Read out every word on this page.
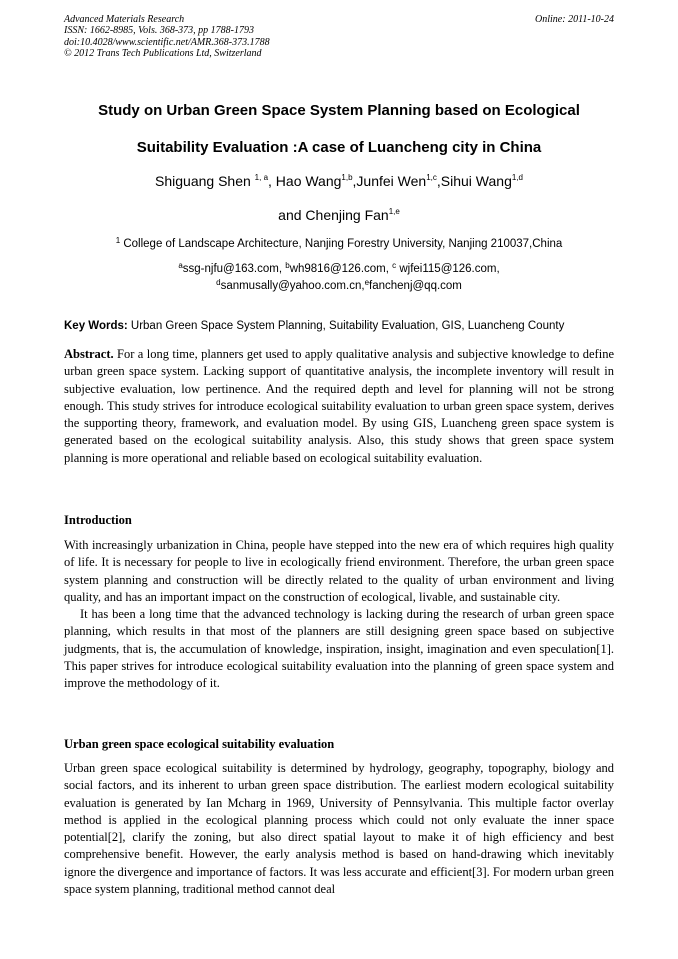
Advanced Materials Research
ISSN: 1662-8985, Vols. 368-373, pp 1788-1793
doi:10.4028/www.scientific.net/AMR.368-373.1788
© 2012 Trans Tech Publications Ltd, Switzerland
Online: 2011-10-24
Study on Urban Green Space System Planning based on Ecological
Suitability Evaluation :A case of Luancheng city in China
Shiguang Shen $^{1, a}$, Hao Wang$^{1,b}$,Junfei Wen$^{1,c}$,Sihui Wang$^{1,d}$
and Chenjing Fan$^{1,e}$
$^1$ College of Landscape Architecture, Nanjing Forestry University, Nanjing 210037,China
$^a$ssg-njfu@163.com, $^b$wh9816@126.com, $^c$ wjfei115@126.com,
$^d$sanmusally@yahoo.com.cn,$^e$fanchenj@qq.com
Key Words: Urban Green Space System Planning, Suitability Evaluation, GIS, Luancheng County

Abstract. For a long time, planners get used to apply qualitative analysis and subjective knowledge to define urban green space system. Lacking support of quantitative analysis, the incomplete inventory will result in subjective evaluation, low pertinence. And the required depth and level for planning will not be strong enough. This study strives for introduce ecological suitability evaluation to urban green space system, derives the supporting theory, framework, and evaluation model. By using GIS, Luancheng green space system is generated based on the ecological suitability analysis. Also, this study shows that green space system planning is more operational and reliable based on ecological suitability evaluation.

Introduction

With increasingly urbanization in China, people have stepped into the new era of which requires high quality of life. It is necessary for people to live in ecologically friend environment. Therefore, the urban green space system planning and construction will be directly related to the quality of urban environment and living quality, and has an important impact on the construction of ecological, livable, and sustainable city.

It has been a long time that the advanced technology is lacking during the research of urban green space planning, which results in that most of the planners are still designing green space based on subjective judgments, that is, the accumulation of knowledge, inspiration, insight, imagination and even speculation[1]. This paper strives for introduce ecological suitability evaluation into the planning of green space system and improve the methodology of it.

Urban green space ecological suitability evaluation

Urban green space ecological suitability is determined by hydrology, geography, topography, biology and social factors, and its inherent to urban green space distribution. The earliest modern ecological suitability evaluation is generated by Ian Mcharg in 1969, University of Pennsylvania. This multiple factor overlay method is applied in the ecological planning process which could not only evaluate the inner space potential[2], clarify the zoning, but also direct spatial layout to make it of high efficiency and best comprehensive benefit. However, the early analysis method is based on hand-drawing which inevitably ignore the divergence and importance of factors. It was less accurate and efficient[3]. For modern urban green space system planning, traditional method cannot deal
